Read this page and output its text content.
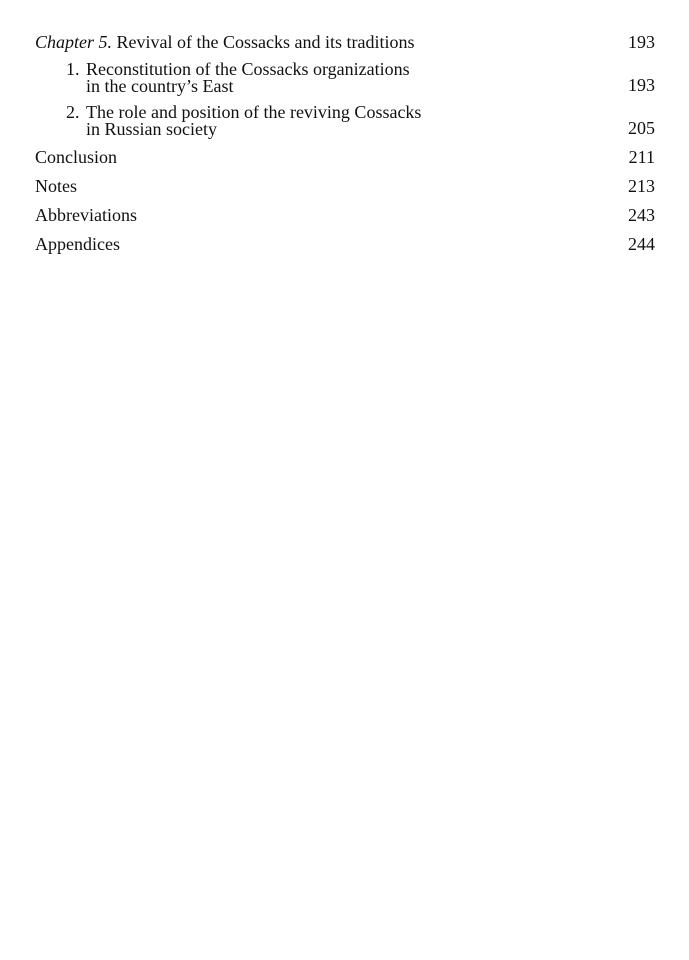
Chapter 5. Revival of the Cossacks and its traditions	193
1. Reconstitution of the Cossacks organizations
in the country’s East	193
2. The role and position of the reviving Cossacks
in Russian society	205
Conclusion	211
Notes	213
Abbreviations	243
Appendices	244
